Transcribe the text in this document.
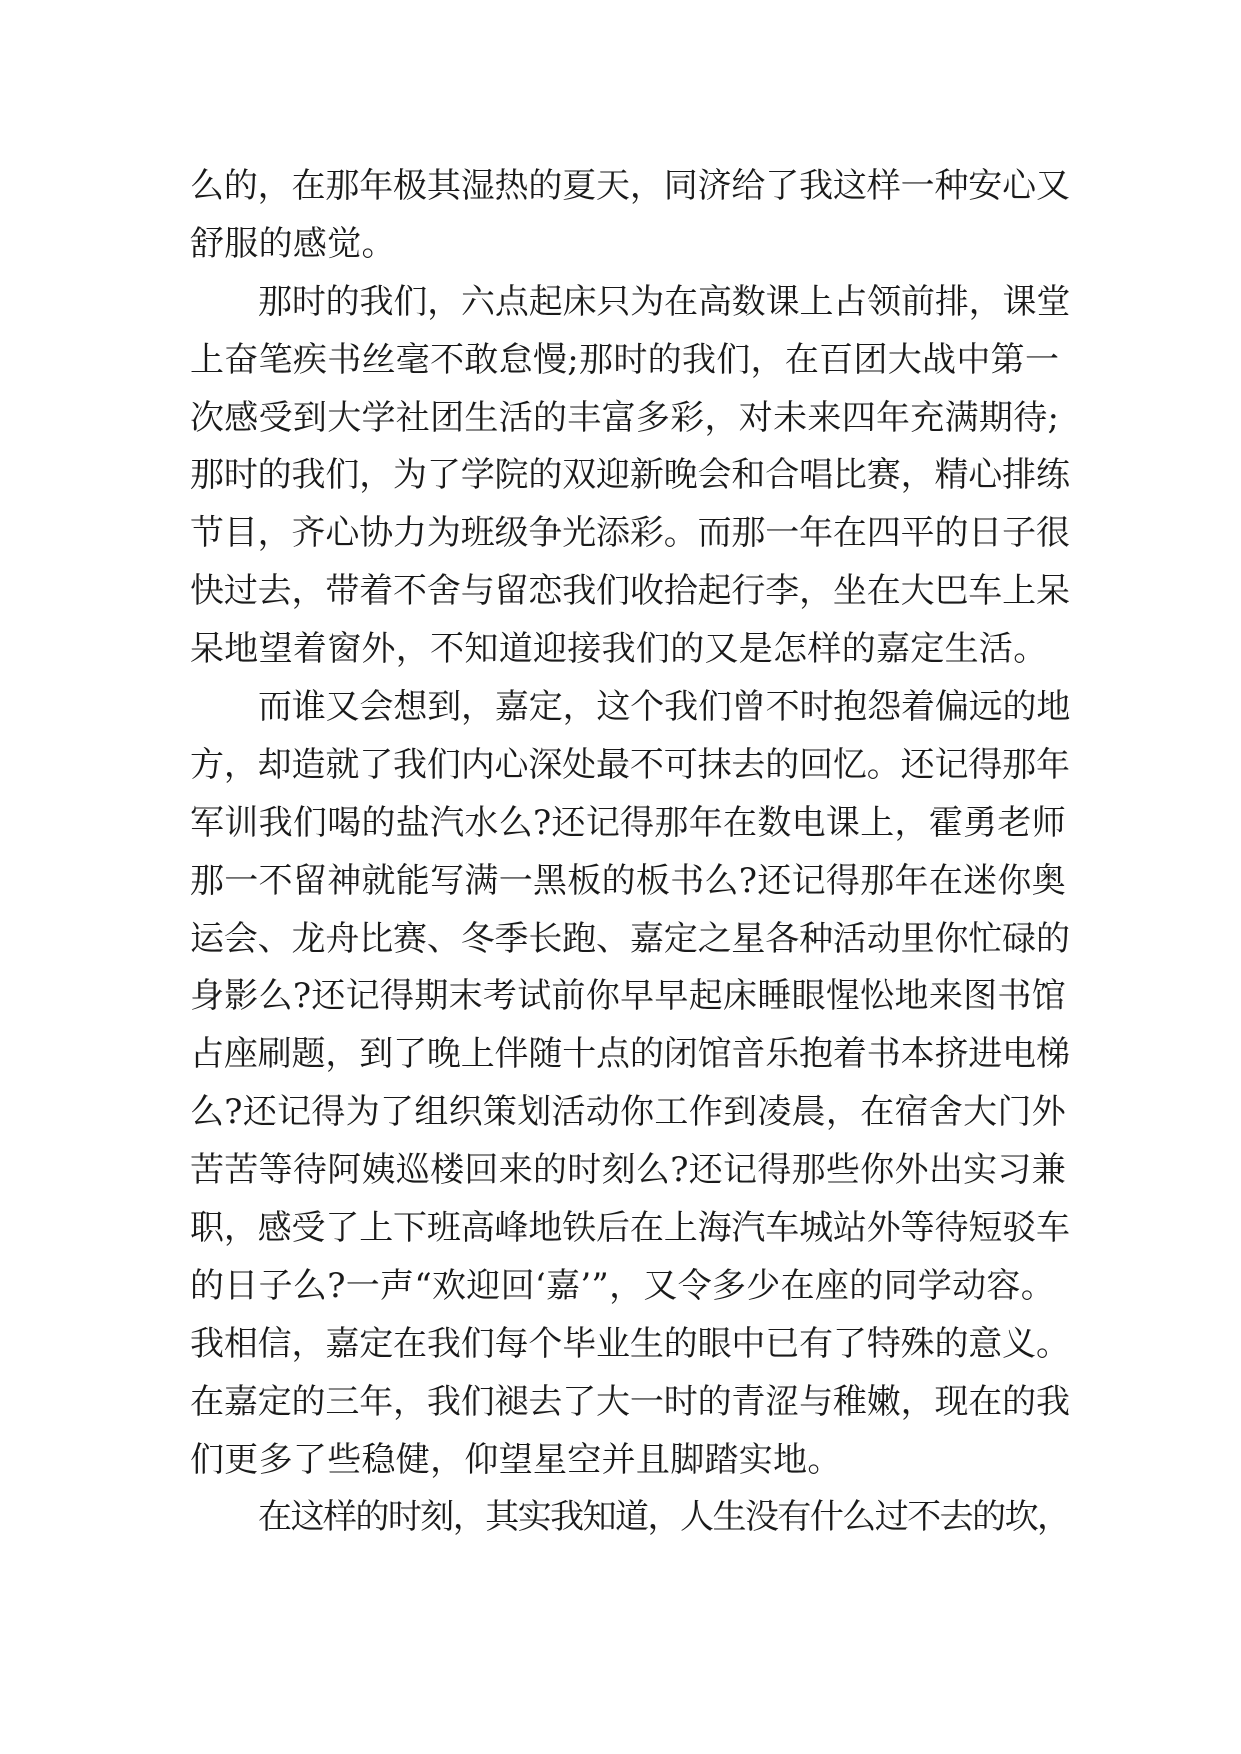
么的，在那年极其湿热的夏天，同济给了我这样一种安心又
舒服的感觉。
那时的我们，六点起床只为在高数课上占领前排，课堂
上奋笔疾书丝毫不敢怠慢;那时的我们，在百团大战中第一
次感受到大学社团生活的丰富多彩，对未来四年充满期待;
那时的我们，为了学院的双迎新晚会和合唱比赛，精心排练
节目，齐心协力为班级争光添彩。而那一年在四平的日子很
快过去，带着不舍与留恋我们收拾起行李，坐在大巴车上呆
呆地望着窗外，不知道迎接我们的又是怎样的嘉定生活。
而谁又会想到，嘉定，这个我们曾不时抱怨着偏远的地
方，却造就了我们内心深处最不可抹去的回忆。还记得那年
军训我们喝的盐汽水么?还记得那年在数电课上，霍勇老师
那一不留神就能写满一黑板的板书么?还记得那年在迷你奥
运会、龙舟比赛、冬季长跑、嘉定之星各种活动里你忙碌的
身影么?还记得期末考试前你早早起床睡眼惺忪地来图书馆
占座刷题，到了晚上伴随十点的闭馆音乐抱着书本挤进电梯
么?还记得为了组织策划活动你工作到凌晨，在宿舍大门外
苦苦等待阿姨巡楼回来的时刻么?还记得那些你外出实习兼
职，感受了上下班高峰地铁后在上海汽车城站外等待短驳车
的日子么?一声“欢迎回‘嘉’”，又令多少在座的同学动容。
我相信，嘉定在我们每个毕业生的眼中已有了特殊的意义。
在嘉定的三年，我们褪去了大一时的青涩与稚嫩，现在的我
们更多了些稳健，仰望星空并且脚踏实地。
在这样的时刻，其实我知道，人生没有什么过不去的坎，
